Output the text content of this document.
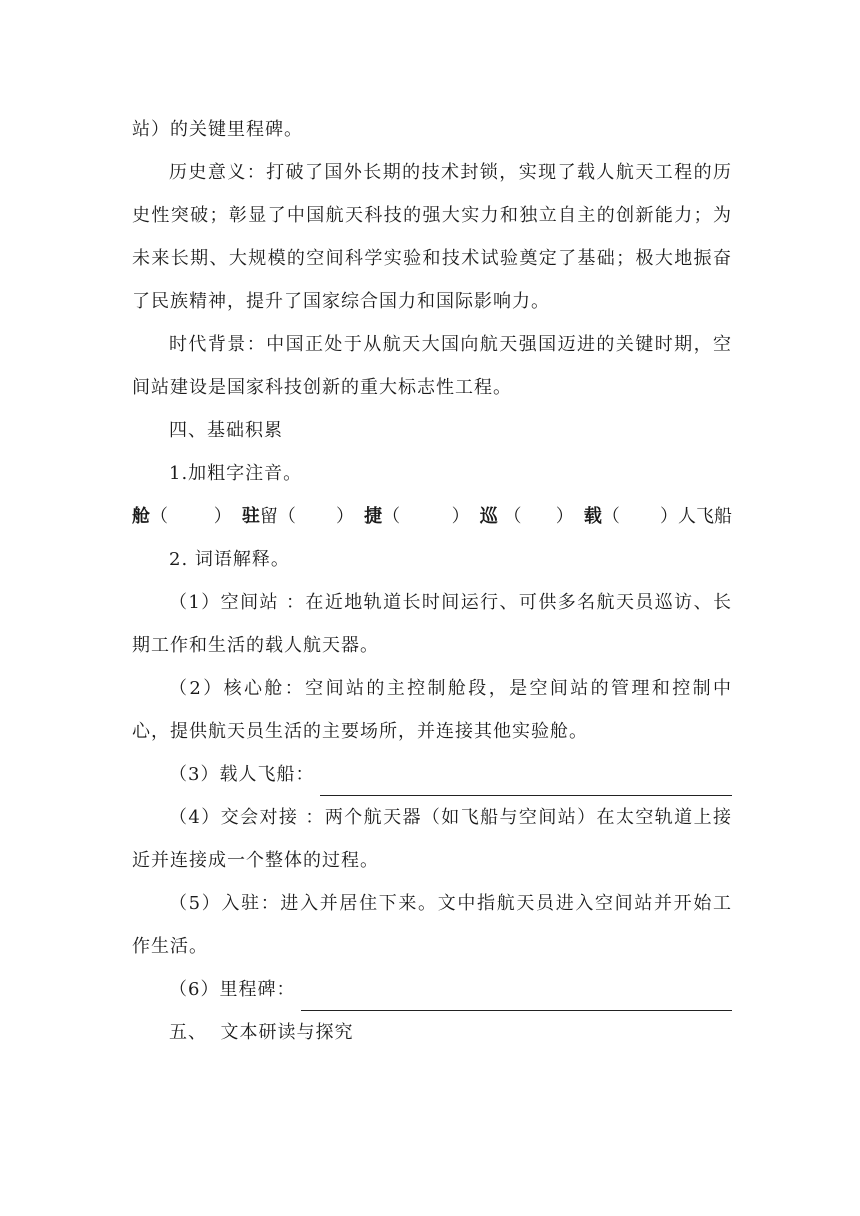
站）的关键里程碑。

历史意义：打破了国外长期的技术封锁，实现了载人航天工程的历史性突破；彰显了中国航天科技的强大实力和独立自主的创新能力；为未来长期、大规模的空间科学实验和技术试验奠定了基础；极大地振奋了民族精神，提升了国家综合国力和国际影响力。

时代背景：中国正处于从航天大国向航天强国迈进的关键时期，空间站建设是国家科技创新的重大标志性工程。

四、基础积累

1.加粗字注音。

舱 （        ） 驻 留 （       ） 捷 （         ） 巡 （      ） 载 （       ）人飞船

2. 词语解释。

（1）空间站 ：在近地轨道长时间运行、可供多名航天员巡访、长期工作和生活的载人航天器。

（2）核心舱：空间站的主控制舱段，是空间站的管理和控制中心，提供航天员生活的主要场所，并连接其他实验舱。

（3）载人飞船：

（4）交会对接 ：两个航天器（如飞船与空间站）在太空轨道上接近并连接成一个整体的过程。

（5）入驻：进入并居住下来。文中指航天员进入空间站并开始工作生活。

（6）里程碑：

五、  文本研读与探究
